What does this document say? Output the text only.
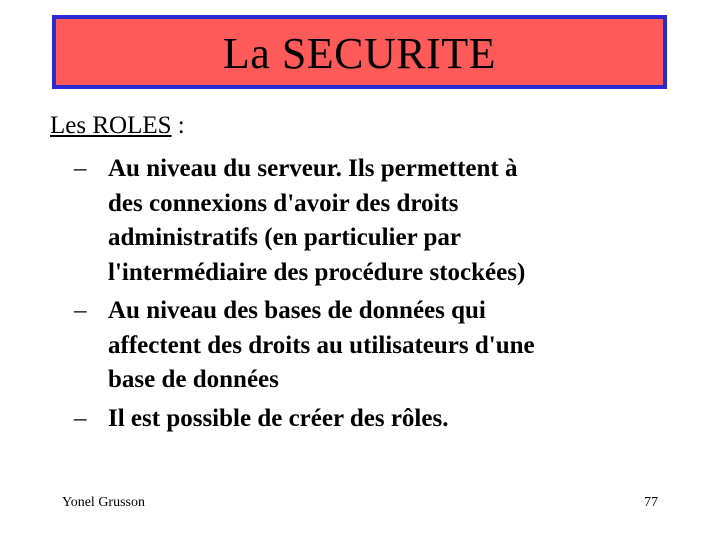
La SECURITE
Les ROLES :
– Au niveau du serveur. Ils permettent à
des connexions d'avoir des droits
administratifs (en particulier par
l'intermédiaire des procédure stockées)
– Au niveau des bases de données qui
affectent des droits au utilisateurs d'une
base de données
– Il est possible de créer des rôles.
Yonel Grusson	77
